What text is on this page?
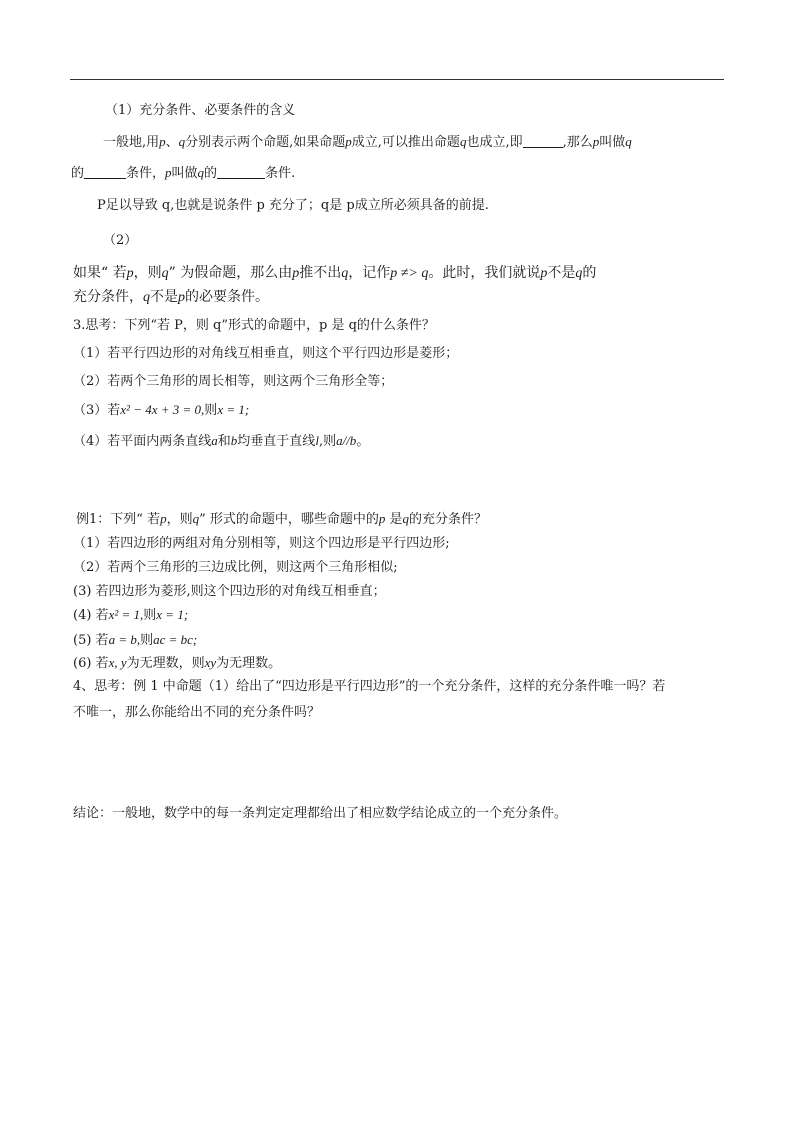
（1）充分条件、必要条件的含义
一般地,用p、q分别表示两个命题,如果命题p成立,可以推出命题q也成立,即	,那么p叫做q
的	条件，p叫做q的	条件.
P足以导致 q,也就是说条件 p 充分了；q是 p成立所必须具备的前提.
（2）
如果“ 若p，则q” 为假命题，那么由p推不出q，记作p ≠> q。此时，我们就说p不是q的
充分条件，q不是p的必要条件。
3.思考：下列“若 P，则 q”形式的命题中，p 是 q的什么条件？
（1）若平行四边形的对角线互相垂直，则这个平行四边形是菱形；
（2）若两个三角形的周长相等，则这两个三角形全等；
（3）若x² − 4x + 3 = 0,则x = 1;
（4）若平面内两条直线a和b均垂直于直线l,则a//b。
例1：下列“ 若p，则q” 形式的命题中，哪些命题中的p 是q的充分条件？
（1）若四边形的两组对角分别相等，则这个四边形是平行四边形;
（2）若两个三角形的三边成比例，则这两个三角形相似;
(3) 若四边形为菱形,则这个四边形的对角线互相垂直；
(4) 若x² = 1,则x = 1;
(5) 若a = b,则ac = bc;
(6) 若x, y为无理数，则xy为无理数。
4、思考：例 1 中命题（1）给出了“四边形是平行四边形”的一个充分条件，这样的充分条件唯一吗？若
不唯一，那么你能给出不同的充分条件吗？
结论：一般地，数学中的每一条判定定理都给出了相应数学结论成立的一个充分条件。
